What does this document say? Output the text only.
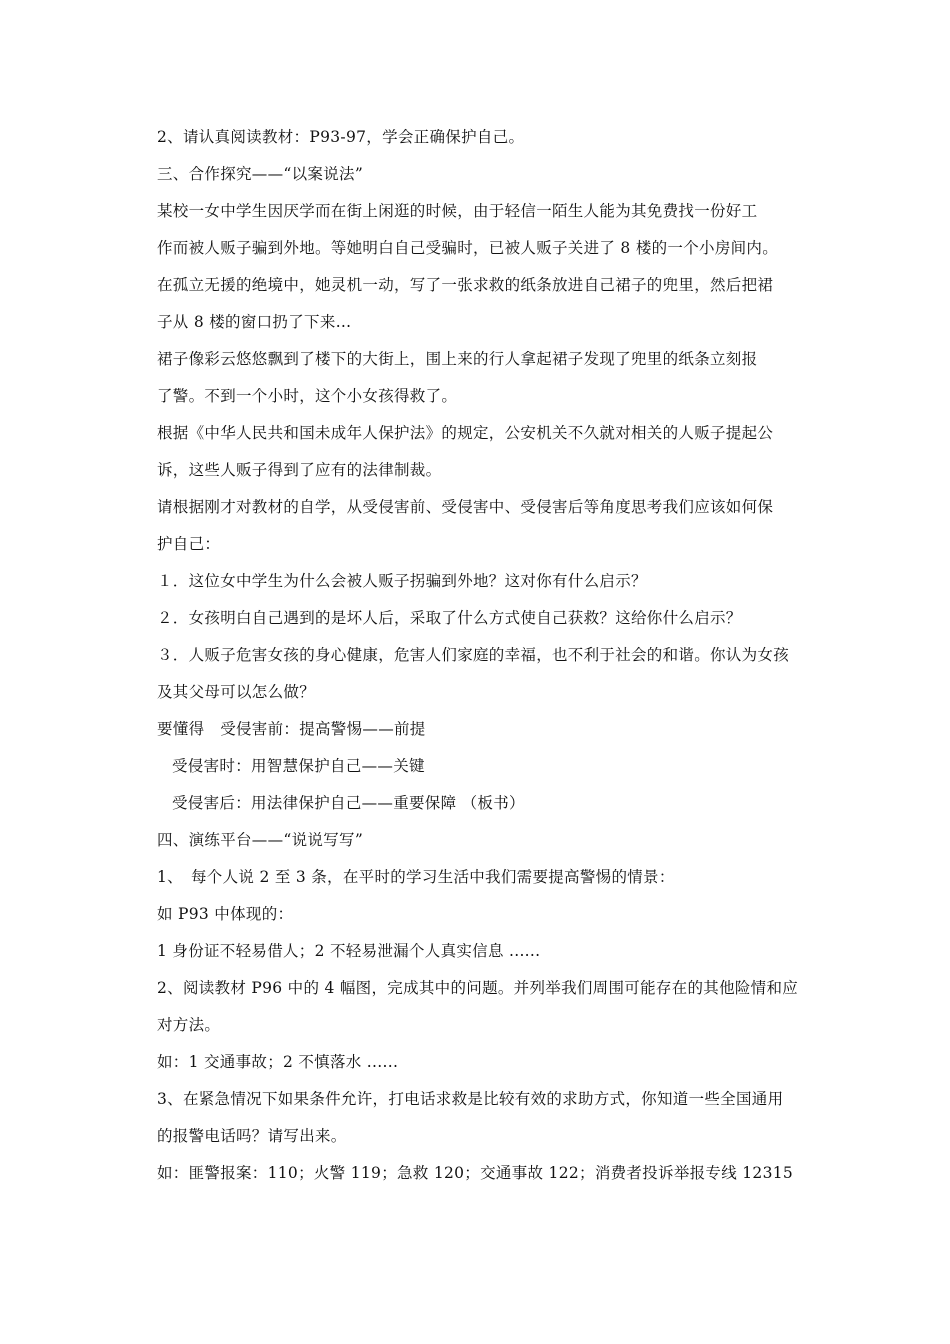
2、请认真阅读教材：P93-97，学会正确保护自己。
三、合作探究——“以案说法”
某校一女中学生因厌学而在街上闲逛的时候，由于轻信一陌生人能为其免费找一份好工
作而被人贩子骗到外地。等她明白自己受骗时，已被人贩子关进了 8 楼的一个小房间内。
在孤立无援的绝境中，她灵机一动，写了一张求救的纸条放进自己裙子的兜里，然后把裙
子从 8 楼的窗口扔了下来…
裙子像彩云悠悠飘到了楼下的大街上，围上来的行人拿起裙子发现了兜里的纸条立刻报
了警。不到一个小时，这个小女孩得救了。
根据《中华人民共和国未成年人保护法》的规定，公安机关不久就对相关的人贩子提起公
诉，这些人贩子得到了应有的法律制裁。
请根据刚才对教材的自学，从受侵害前、受侵害中、受侵害后等角度思考我们应该如何保
护自己：
１．这位女中学生为什么会被人贩子拐骗到外地？这对你有什么启示？
２．女孩明白自己遇到的是坏人后，采取了什么方式使自己获救？这给你什么启示？
３．人贩子危害女孩的身心健康，危害人们家庭的幸福，也不利于社会的和谐。你认为女孩
及其父母可以怎么做？
要懂得　受侵害前：提高警惕——前提
受侵害时：用智慧保护自己——关键
受侵害后：用法律保护自己——重要保障 （板书）
四、演练平台——“说说写写”
1、　每个人说 2 至 3 条，在平时的学习生活中我们需要提高警惕的情景：
如 P93 中体现的：
1 身份证不轻易借人；2 不轻易泄漏个人真实信息 ......
2、阅读教材 P96 中的 4 幅图，完成其中的问题。并列举我们周围可能存在的其他险情和应
对方法。
如：1 交通事故；2 不慎落水 ......
3、在紧急情况下如果条件允许，打电话求救是比较有效的求助方式，你知道一些全国通用
的报警电话吗？请写出来。
如：匪警报案：110；火警 119；急救 120；交通事故 122；消费者投诉举报专线 12315
